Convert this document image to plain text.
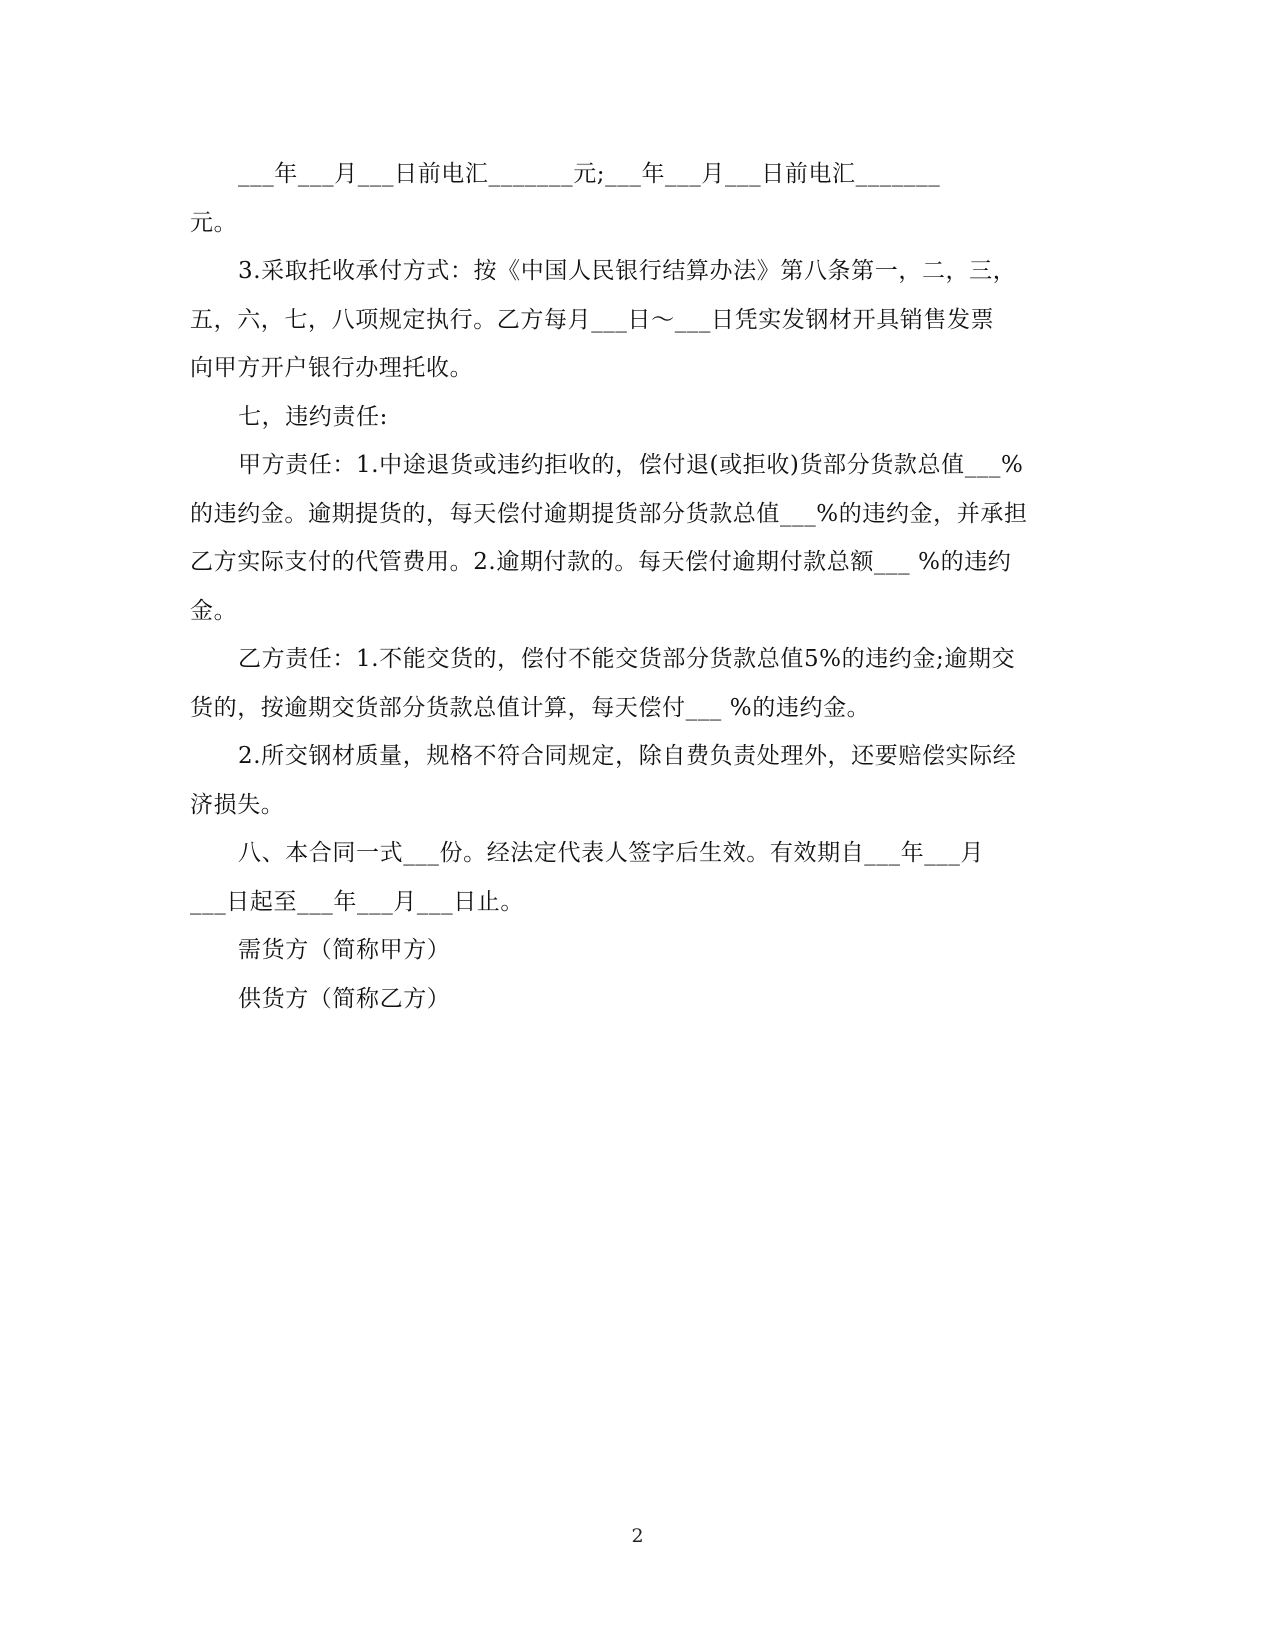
___年___月___日前电汇_______元;___年___月___日前电汇_______
元。
3.采取托收承付方式：按《中国人民银行结算办法》第八条第一，二，三，
五，六，七，八项规定执行。乙方每月___日～___日凭实发钢材开具销售发票
向甲方开户银行办理托收。
七，违约责任:
甲方责任：1.中途退货或违约拒收的，偿付退(或拒收)货部分货款总值___%
的违约金。逾期提货的，每天偿付逾期提货部分货款总值___%的违约金，并承担
乙方实际支付的代管费用。2.逾期付款的。每天偿付逾期付款总额___ %的违约
金。
乙方责任：1.不能交货的，偿付不能交货部分货款总值5%的违约金;逾期交
货的，按逾期交货部分货款总值计算，每天偿付___ %的违约金。
2.所交钢材质量，规格不符合同规定，除自费负责处理外，还要赔偿实际经
济损失。
八、本合同一式___份。经法定代表人签字后生效。有效期自___年___月
___日起至___年___月___日止。
需货方（简称甲方）
供货方（简称乙方）
2
